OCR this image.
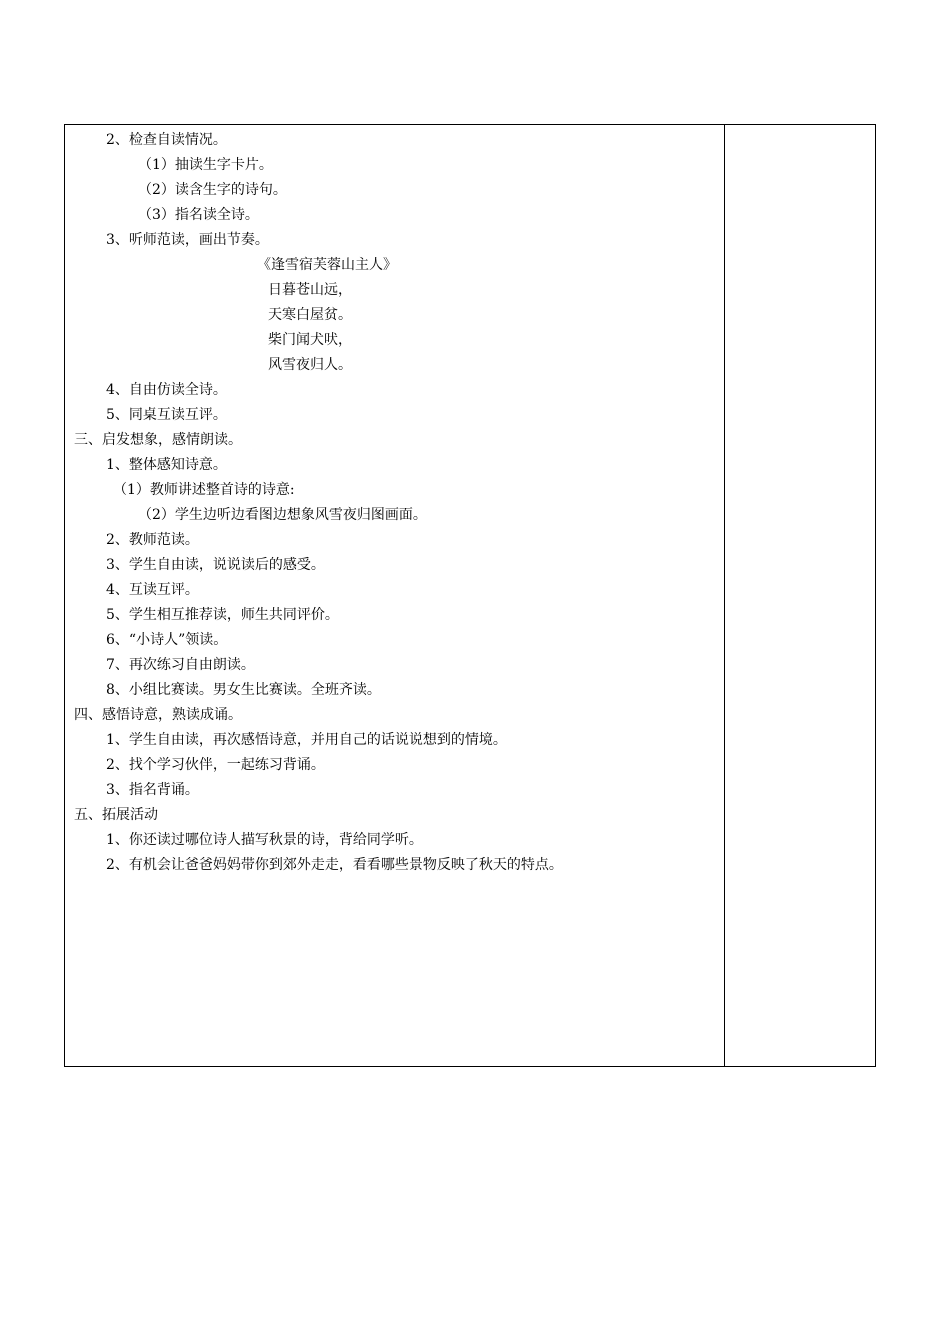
2、检查自读情况。
（1）抽读生字卡片。
（2）读含生字的诗句。
（3）指名读全诗。
3、听师范读，画出节奏。
《逢雪宿芙蓉山主人》
日暮苍山远，
天寒白屋贫。
柴门闻犬吠，
风雪夜归人。
4、自由仿读全诗。
5、同桌互读互评。
三、启发想象，感情朗读。
1、整体感知诗意。
（1）教师讲述整首诗的诗意:
（2）学生边听边看图边想象风雪夜归图画面。
2、教师范读。
3、学生自由读，说说读后的感受。
4、互读互评。
5、学生相互推荐读，师生共同评价。
6、“小诗人”领读。
7、再次练习自由朗读。
8、小组比赛读。男女生比赛读。全班齐读。
四、感悟诗意，熟读成诵。
1、学生自由读，再次感悟诗意，并用自己的话说说想到的情境。
2、找个学习伙伴，一起练习背诵。
3、指名背诵。
五、拓展活动
1、你还读过哪位诗人描写秋景的诗，背给同学听。
2、有机会让爸爸妈妈带你到郊外走走，看看哪些景物反映了秋天的特点。
